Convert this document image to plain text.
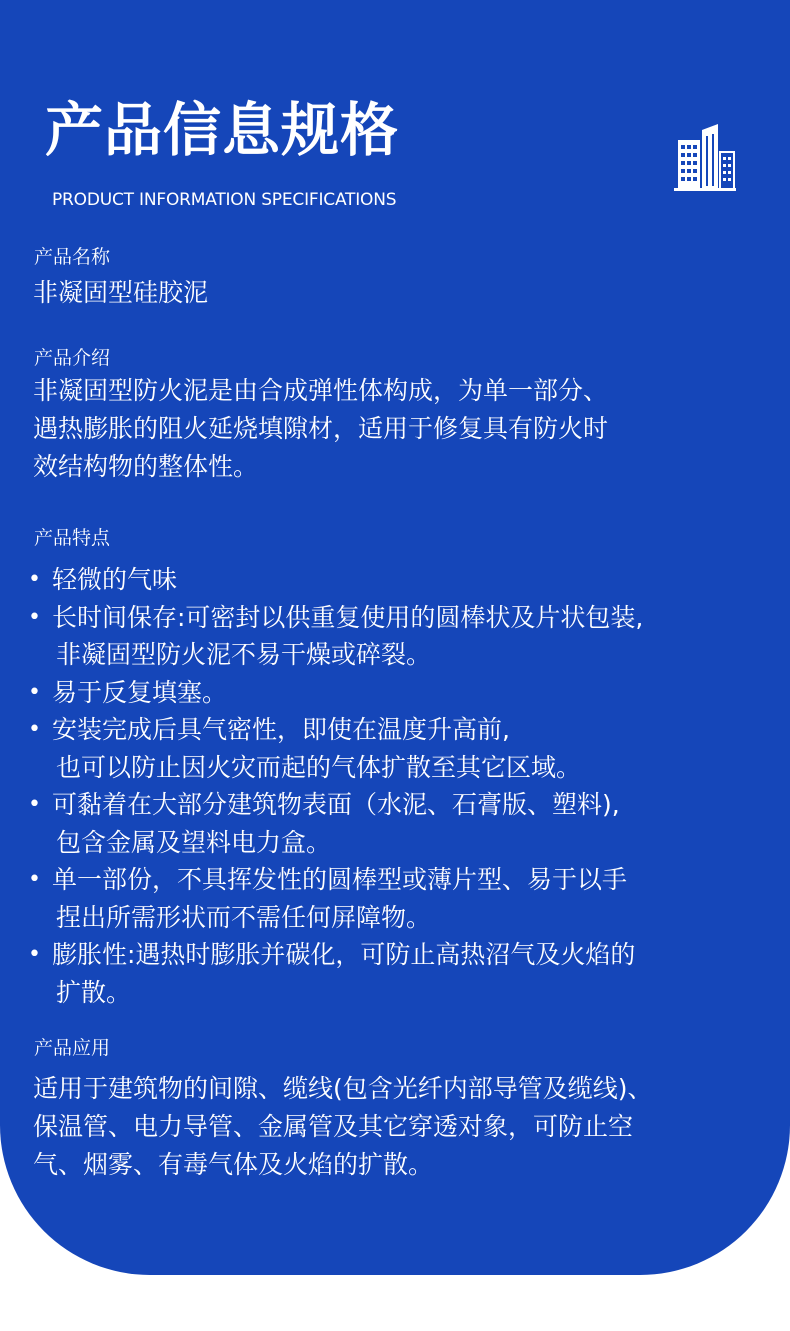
产品信息规格
PRODUCT INFORMATION SPECIFICATIONS
产品名称
非凝固型硅胶泥
产品介绍
非凝固型防火泥是由合成弹性体构成，为单一部分、
遇热膨胀的阻火延烧填隙材，适用于修复具有防火时
效结构物的整体性。
产品特点
• 轻微的气味
• 长时间保存:可密封以供重复使用的圆棒状及片状包装,
非凝固型防火泥不易干燥或碎裂。
• 易于反复填塞。
• 安装完成后具气密性，即使在温度升高前,
也可以防止因火灾而起的气体扩散至其它区域。
• 可黏着在大部分建筑物表面（水泥、石膏版、塑料),
包含金属及望料电力盒。
• 单一部份，不具挥发性的圆棒型或薄片型、易于以手
捏出所需形状而不需任何屏障物。
• 膨胀性:遇热时膨胀并碳化，可防止高热沼气及火焰的
扩散。
产品应用
适用于建筑物的间隙、缆线(包含光纤内部导管及缆线)、
保温管、电力导管、金属管及其它穿透对象，可防止空
气、烟雾、有毒气体及火焰的扩散。
